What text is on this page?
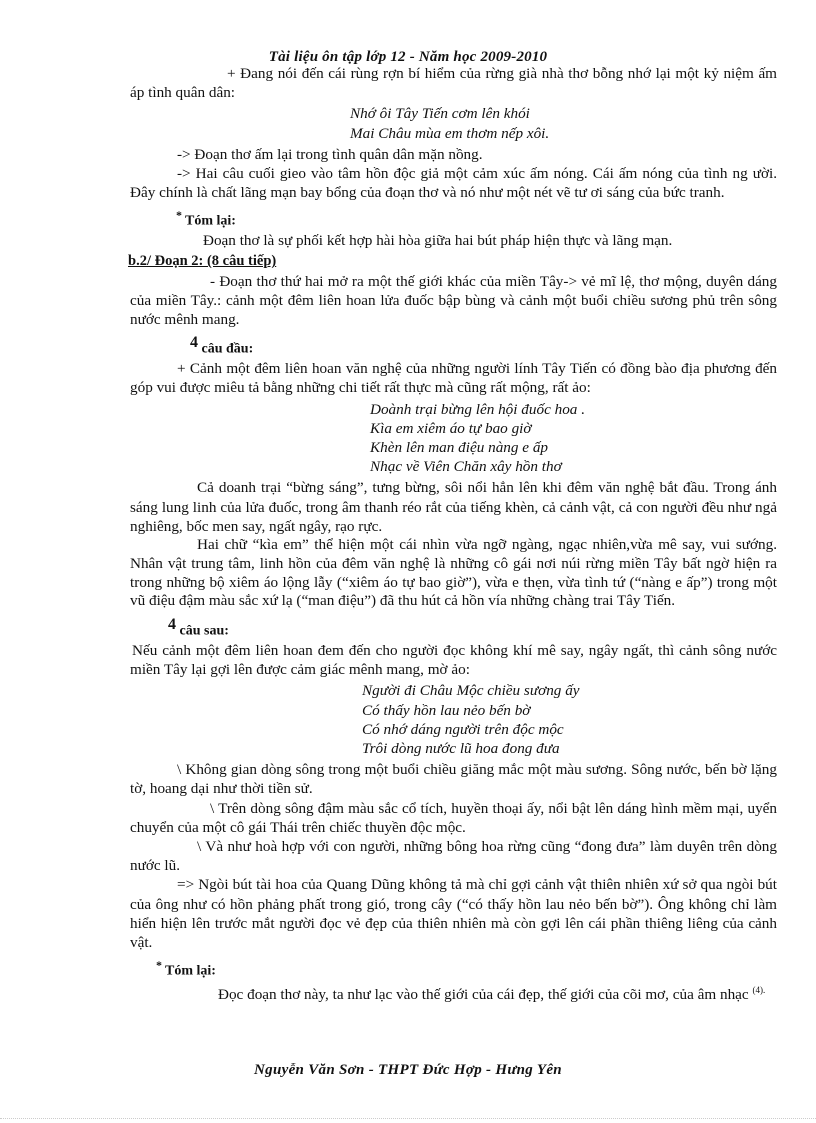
Tài liệu ôn tập lớp 12 - Năm học 2009-2010

+ Đang nói đến cái rùng rợn bí hiểm của rừng già nhà thơ bỗng nhớ lại một kỷ niệm ấm áp tình quân dân:

Nhớ ôi Tây Tiến cơm lên khói
Mai Châu mùa em thơm nếp xôi.

-> Đoạn thơ ấm lại trong tình quân dân mặn nồng.

-> Hai câu cuối gieo vào tâm hồn độc giả một cảm xúc ấm nóng. Cái ấm nóng của tình ng ười. Đây chính là chất lãng mạn bay bổng của đoạn thơ và nó như một nét vẽ tư ơi sáng của bức tranh.

* Tóm lại:

Đoạn thơ là sự phối kết hợp hài hòa giữa hai bút pháp hiện thực và lãng mạn.

b.2/ Đoạn 2: (8 câu tiếp)

- Đoạn thơ thứ hai mở ra một thế giới khác của miền Tây-> vẻ mĩ lệ, thơ mộng, duyên dáng của miền Tây.: cảnh một đêm liên hoan lửa đuốc bập bùng và cảnh một buổi chiều sương phủ trên sông nước mênh mang.

4 câu đầu:

+ Cảnh một đêm liên hoan văn nghệ của những người lính Tây Tiến có đồng bào địa phương đến góp vui được miêu tả bằng những chi tiết rất thực mà cũng rất mộng, rất ảo:

Doành trại bừng lên hội đuốc hoa .
Kìa em xiêm áo tự bao giờ
Khèn lên man điệu nàng e ấp
Nhạc về Viên Chăn xây hồn thơ

Cả doanh trại “bừng sáng”, tưng bừng, sôi nổi hẳn lên khi đêm văn nghệ bắt đầu. Trong ánh sáng lung linh của lửa đuốc, trong âm thanh réo rắt của tiếng khèn, cả cảnh vật, cả con người đều như ngả nghiêng, bốc men say, ngất ngây, rạo rực.

Hai chữ “kìa em” thể hiện một cái nhìn vừa ngỡ ngàng, ngạc nhiên,vừa mê say, vui sướng. Nhân vật trung tâm, linh hồn của đêm văn nghệ là những cô gái nơi núi rừng miền Tây bất ngờ hiện ra trong những bộ xiêm áo lộng lẫy (“xiêm áo tự bao giờ”), vừa e thẹn, vừa tình tứ (“nàng e ấp”) trong một vũ điệu đậm màu sắc xứ lạ (“man điệu”) đã thu hút cả hồn vía những chàng trai Tây Tiến.

4 câu sau:

Nếu cảnh một đêm liên hoan đem đến cho người đọc không khí mê say, ngây ngất, thì cảnh sông nước miền Tây lại gợi lên được cảm giác mênh mang, mờ ảo:

Người đi Châu Mộc chiều sương ấy
Có thấy hồn lau nẻo bến bờ
Có nhớ dáng người trên độc mộc
Trôi dòng nước lũ hoa đong đưa

\ Không gian dòng sông trong một buổi chiều giăng mắc một màu sương. Sông nước, bến bờ lặng tờ, hoang dại như thời tiền sử.

\ Trên dòng sông đậm màu sắc cổ tích, huyền thoại ấy, nổi bật lên dáng hình mềm mại, uyển chuyển của một cô gái Thái trên chiếc thuyền độc mộc.

\ Và như hoà hợp với con người, những bông hoa rừng cũng “đong đưa” làm duyên trên dòng nước lũ.

=> Ngòi bút tài hoa của Quang Dũng không tả mà chỉ gợi cảnh vật thiên nhiên xứ sở qua ngòi bút của ông như có hồn phảng phất trong gió, trong cây (“có thấy hồn lau nẻo bến bờ”). Ông không chỉ làm hiển hiện lên trước mắt người đọc vẻ đẹp của thiên nhiên mà còn gợi lên cái phần thiêng liêng của cảnh vật.

* Tóm lại:

Đọc đoạn thơ này, ta như lạc vào thế giới của cái đẹp, thế giới của cõi mơ, của âm nhạc $^{(4).}$

Nguyễn Văn Sơn - THPT Đức Hợp - Hưng Yên
